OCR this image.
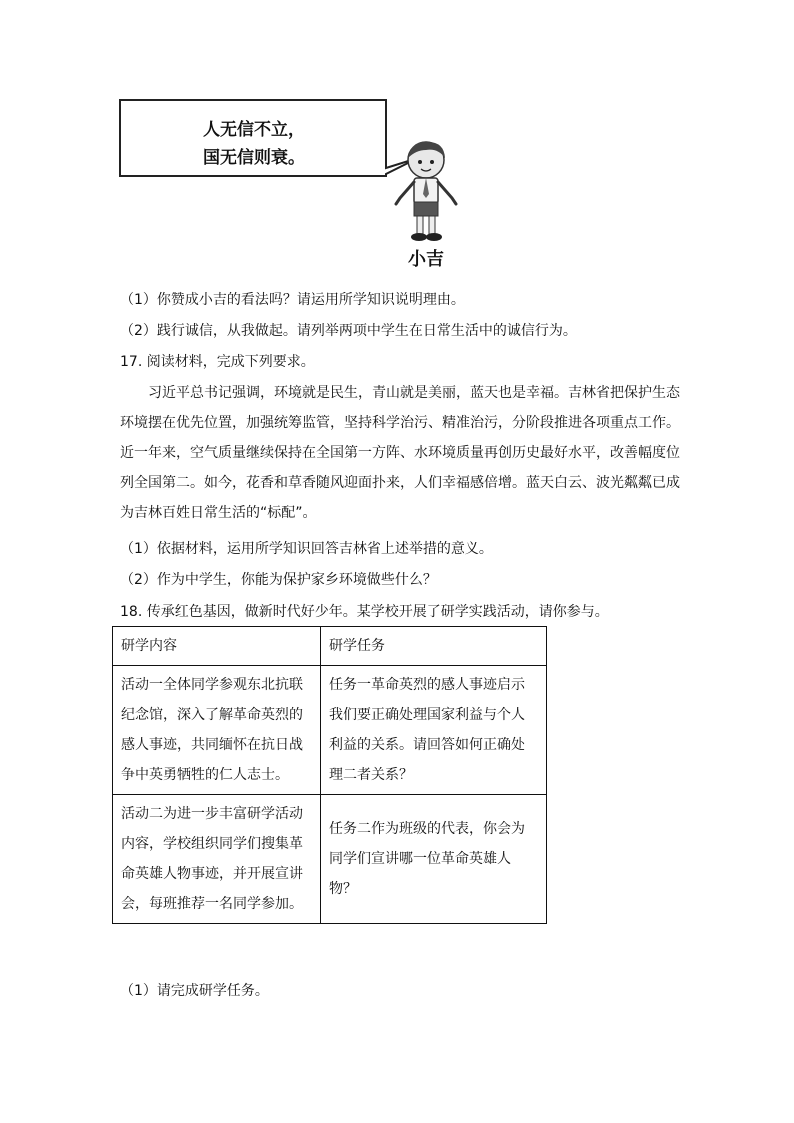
人无信不立，
国无信则衰。
小吉
（1）你赞成小吉的看法吗？请运用所学知识说明理由。
（2）践行诚信，从我做起。请列举两项中学生在日常生活中的诚信行为。
17. 阅读材料，完成下列要求。
习近平总书记强调，环境就是民生，青山就是美丽，蓝天也是幸福。吉林省把保护生态环境摆在优先位置，加强统筹监管，坚持科学治污、精准治污，分阶段推进各项重点工作。近一年来，空气质量继续保持在全国第一方阵、水环境质量再创历史最好水平，改善幅度位列全国第二。如今，花香和草香随风迎面扑来，人们幸福感倍增。蓝天白云、波光粼粼已成为吉林百姓日常生活的“标配”。
（1）依据材料，运用所学知识回答吉林省上述举措的意义。
（2）作为中学生，你能为保护家乡环境做些什么？
18. 传承红色基因，做新时代好少年。某学校开展了研学实践活动，请你参与。
研学内容	研学任务
活动一全体同学参观东北抗联纪念馆，深入了解革命英烈的感人事迹，共同缅怀在抗日战争中英勇牺牲的仁人志士。	任务一革命英烈的感人事迹启示我们要正确处理国家利益与个人利益的关系。请回答如何正确处理二者关系？
活动二为进一步丰富研学活动内容，学校组织同学们搜集革命英雄人物事迹，并开展宣讲会，每班推荐一名同学参加。	任务二作为班级的代表，你会为同学们宣讲哪一位革命英雄人物？
（1）请完成研学任务。
